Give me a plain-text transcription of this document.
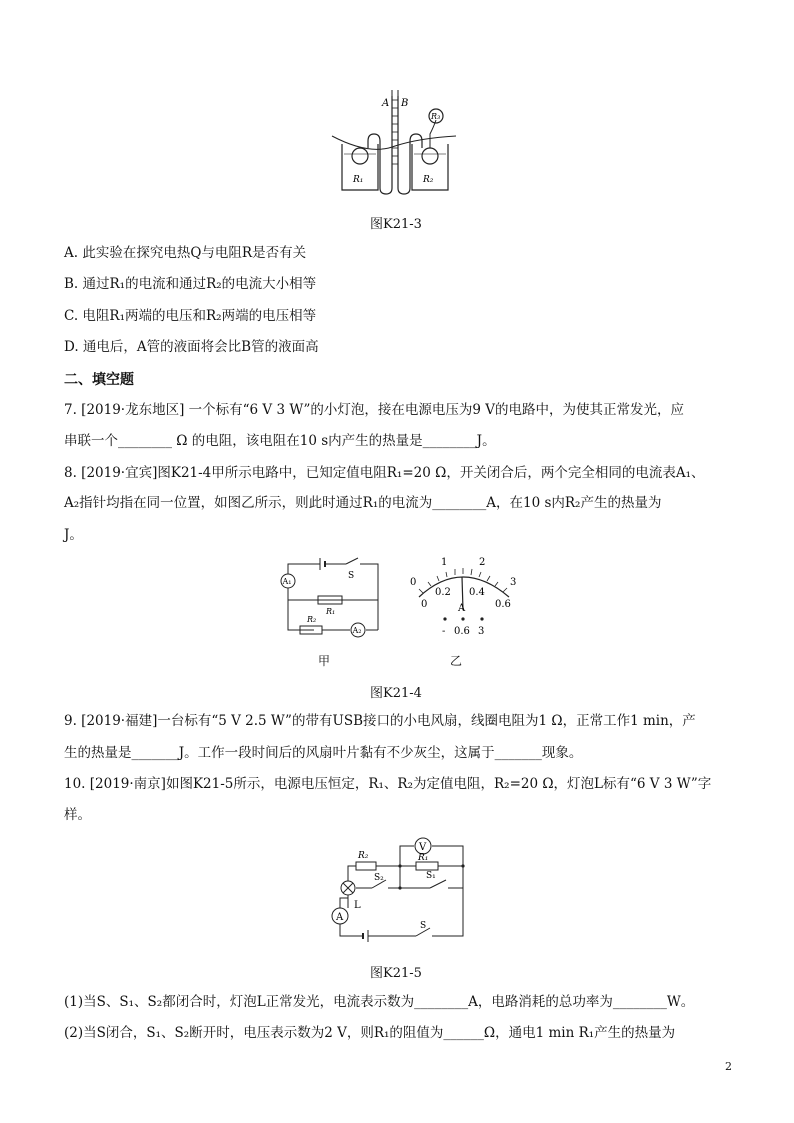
A B
R₃
R₁	R₂
图K21-3
A. 此实验在探究电热Q与电阻R是否有关
B. 通过R₁的电流和通过R₂的电流大小相等
C. 电阻R₁两端的电压和R₂两端的电压相等
D. 通电后，A管的液面将会比B管的液面高
二、填空题
7. [2019·龙东地区] 一个标有“6 V 3 W”的小灯泡，接在电源电压为9 V的电路中，为使其正常发光，应
串联一个________ Ω 的电阻，该电阻在10 s内产生的热量是________J。
8. [2019·宜宾]图K21-4甲所示电路中，已知定值电阻R₁=20 Ω，开关闭合后，两个完全相同的电流表A₁、
A₂指针均指在同一位置，如图乙所示，则此时通过R₁的电流为________A，在10 s内R₂产生的热量为
J。
A₁
A₂
S
R₁
R₂
甲
0
1	2
3
0
0.2 0.4
0.6
A
- 0.6 3
乙
图K21-4
9. [2019·福建]一台标有“5 V 2.5 W”的带有USB接口的小电风扇，线圈电阻为1 Ω，正常工作1 min，产
生的热量是_______J。工作一段时间后的风扇叶片黏有不少灰尘，这属于_______现象。
10. [2019·南京]如图K21-5所示，电源电压恒定，R₁、R₂为定值电阻，R₂=20 Ω，灯泡L标有“6 V 3 W”字
样。
V
A
R₂	R₁
S₂	S₁
L
S
图K21-5
(1)当S、S₁、S₂都闭合时，灯泡L正常发光，电流表示数为________A，电路消耗的总功率为________W。
(2)当S闭合，S₁、S₂断开时，电压表示数为2 V，则R₁的阻值为______Ω，通电1 min R₁产生的热量为
2
